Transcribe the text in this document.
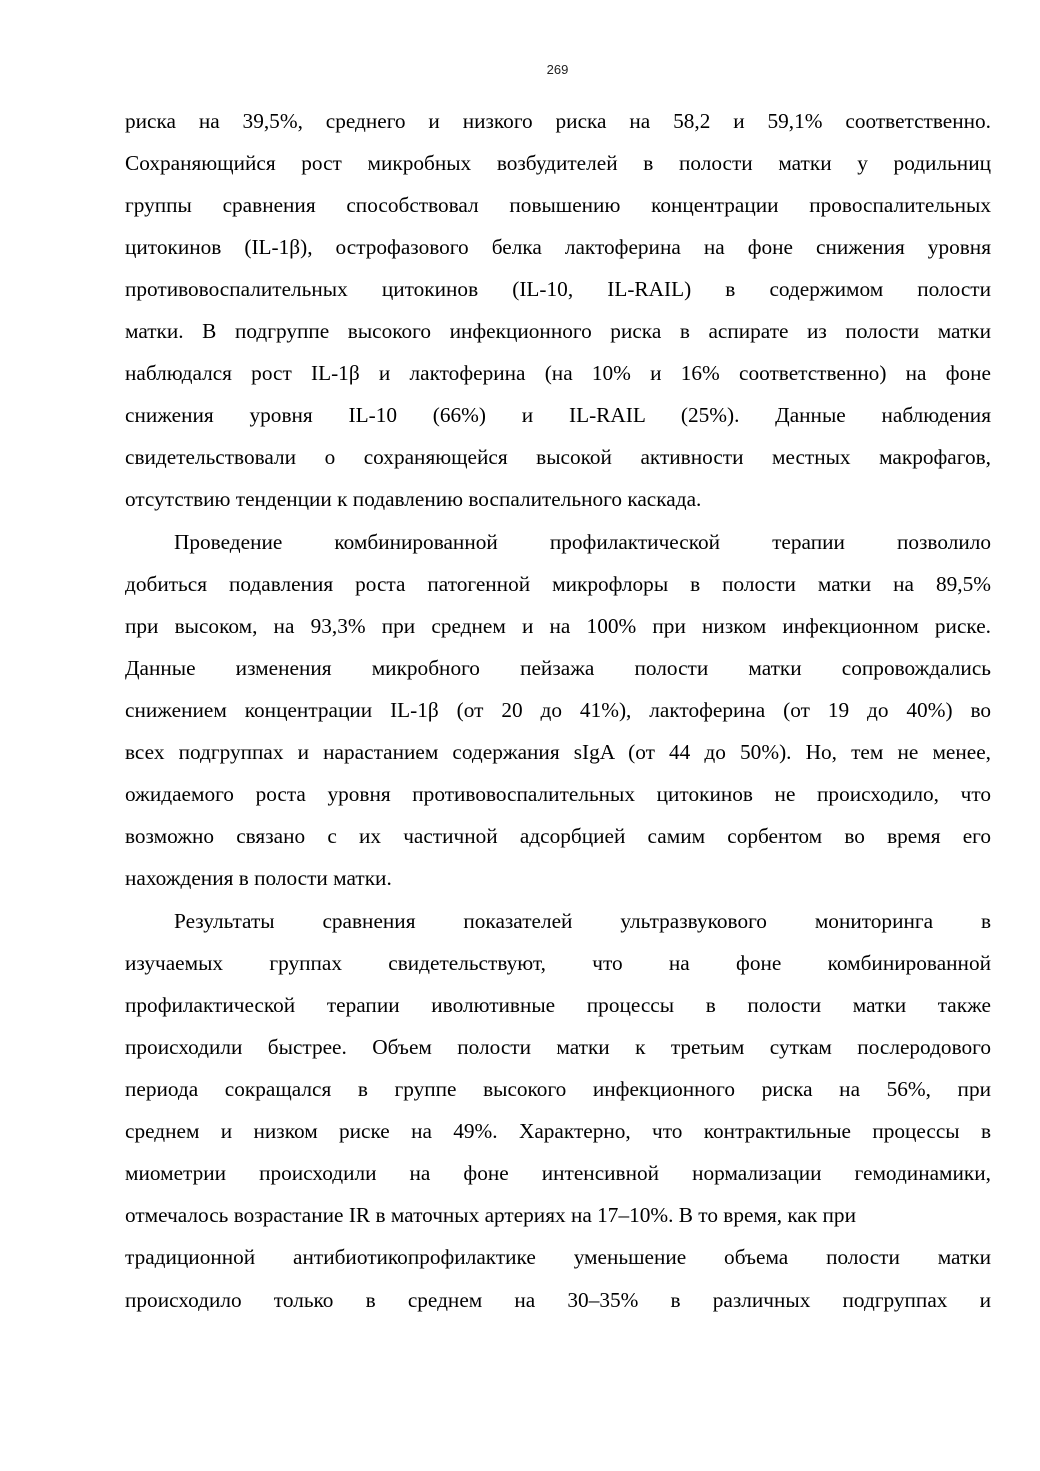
269
риска на 39,5%, среднего и низкого риска на 58,2 и 59,1% соответственно.
Сохраняющийся рост микробных возбудителей в полости матки у родильниц
группы сравнения способствовал повышению концентрации провоспалительных
цитокинов (IL-1β), острофазового белка лактоферина на фоне снижения уровня
противовоспалительных цитокинов (IL-10, IL-RAIL) в содержимом полости
матки. В подгруппе высокого инфекционного риска в аспирате из полости матки
наблюдался рост IL-1β и лактоферина (на 10% и 16% соответственно) на фоне
снижения уровня IL-10 (66%) и IL-RAIL (25%). Данные наблюдения
свидетельствовали о сохраняющейся высокой активности местных макрофагов,
отсутствию тенденции к подавлению воспалительного каскада.
Проведение комбинированной профилактической терапии позволило
добиться подавления роста патогенной микрофлоры в полости матки на 89,5%
при высоком, на 93,3% при среднем и на 100% при низком инфекционном риске.
Данные изменения микробного пейзажа полости матки сопровождались
снижением концентрации IL-1β (от 20 до 41%), лактоферина (от 19 до 40%) во
всех подгруппах и нарастанием содержания sIgA (от 44 до 50%). Но, тем не менее,
ожидаемого роста уровня противовоспалительных цитокинов не происходило, что
возможно связано с их частичной адсорбцией самим сорбентом во время его
нахождения в полости матки.
Результаты сравнения показателей ультразвукового мониторинга в
изучаемых группах свидетельствуют, что на фоне комбинированной
профилактической терапии иволютивные процессы в полости матки также
происходили быстрее. Объем полости матки к третьим суткам послеродового
периода сокращался в группе высокого инфекционного риска на 56%, при
среднем и низком риске на 49%. Характерно, что контрактильные процессы в
миометрии происходили на фоне интенсивной нормализации гемодинамики,
отмечалось возрастание IR в маточных артериях на 17–10%. В то время, как при
традиционной антибиотикопрофилактике уменьшение объема полости матки
происходило только в среднем на 30–35% в различных подгруппах и
